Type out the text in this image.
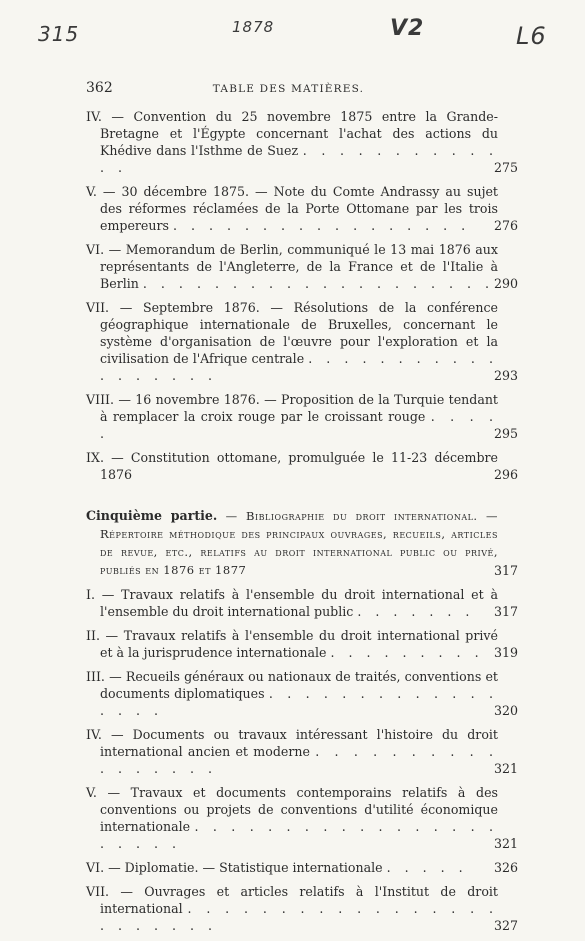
315	1878	V2	L6
362	TABLE DES MATIÈRES.
IV. — Convention du 25 novembre 1875 entre la Grande-Bretagne et l'Égypte concernant l'achat des actions du Khédive dans l'Isthme de Suez . . . . . . . . . . . . .	275
V. — 30 décembre 1875. — Note du Comte Andrassy au sujet des réformes réclamées de la Porte Ottomane par les trois empereurs . . . . . . . . . . . . . . . . .	276
VI. — Memorandum de Berlin, communiqué le 13 mai 1876 aux représentants de l'Angleterre, de la France et de l'Italie à Berlin . . . . . . . . . . . . . . . . . . . . 290
VII. — Septembre 1876. — Résolutions de la conférence géographique internationale de Bruxelles, concernant le système d'organisation de l'œuvre pour l'exploration et la civilisation de l'Afrique centrale . . . . . . . . . . . . . . . . . .	293
VIII. — 16 novembre 1876. — Proposition de la Turquie tendant à remplacer la croix rouge par le croissant rouge . . . . .	295
IX. — Constitution ottomane, promulguée le 11-23 décembre 1876	296
Cinquième partie. — Bibliographie du droit international. — Répertoire méthodique des principaux ouvrages, recueils, articles de revue, etc., relatifs au droit international public ou privé, publiés en 1876 et 1877	317
I. — Travaux relatifs à l'ensemble du droit international et à l'ensemble du droit international public . . . . . . .	317
II. — Travaux relatifs à l'ensemble du droit international privé et à la jurisprudence internationale . . . . . . . . . 319
III. — Recueils généraux ou nationaux de traités, conventions et documents diplomatiques . . . . . . . . . . . . . . . . .	320
IV. — Documents ou travaux intéressant l'histoire du droit international ancien et moderne . . . . . . . . . . . . . . . . .	321
V. — Travaux et documents contemporains relatifs à des conventions ou projets de conventions d'utilité économique internationale . . . . . . . . . . . . . . . . . . . . . .	321
VI. — Diplomatie. — Statistique internationale . . . . .	326
VII. — Ouvrages et articles relatifs à l'Institut de droit international . . . . . . . . . . . . . . . . . . . . . . . .	327
